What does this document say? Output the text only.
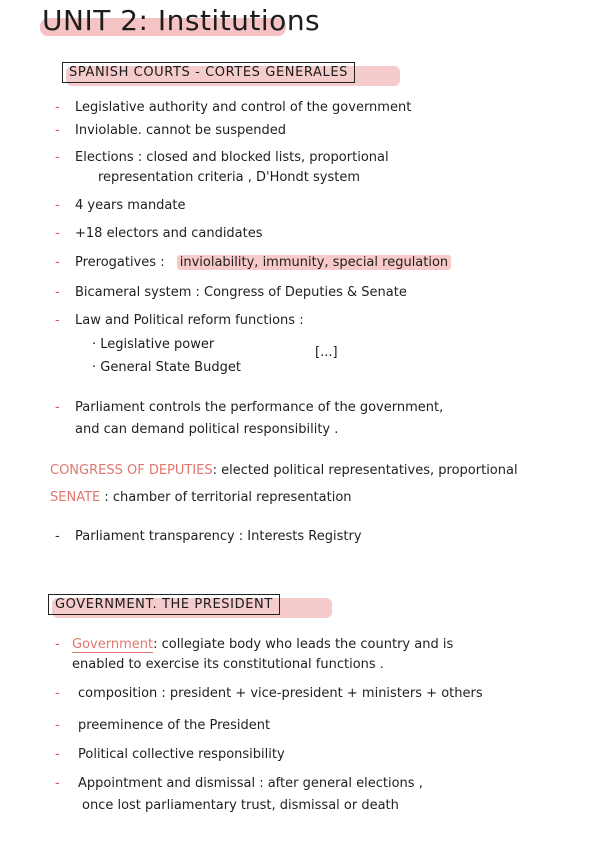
UNIT 2: Institutions
SPANISH COURTS - CORTES GENERALES
- Legislative authority and control of the government
- Inviolable. cannot be suspended
- Elections : closed and blocked lists, proportional
representation criteria , D'Hondt system
- 4 years mandate
- +18 electors and candidates
- Prerogatives : inviolability, immunity, special regulation
- Bicameral system : Congress of Deputies & Senate
- Law and Political reform functions :
· Legislative power
· General State Budget
[...]
- Parliament controls the performance of the government,
and can demand political responsibility .
CONGRESS OF DEPUTIES: elected political representatives, proportional
SENATE : chamber of territorial representation
- Parliament transparency : Interests Registry
GOVERNMENT. THE PRESIDENT
- Government: collegiate body who leads the country and is
enabled to exercise its constitutional functions .
- composition : president + vice-president + ministers + others
- preeminence of the President
- Political collective responsibility
- Appointment and dismissal : after general elections ,
once lost parliamentary trust, dismissal or death
